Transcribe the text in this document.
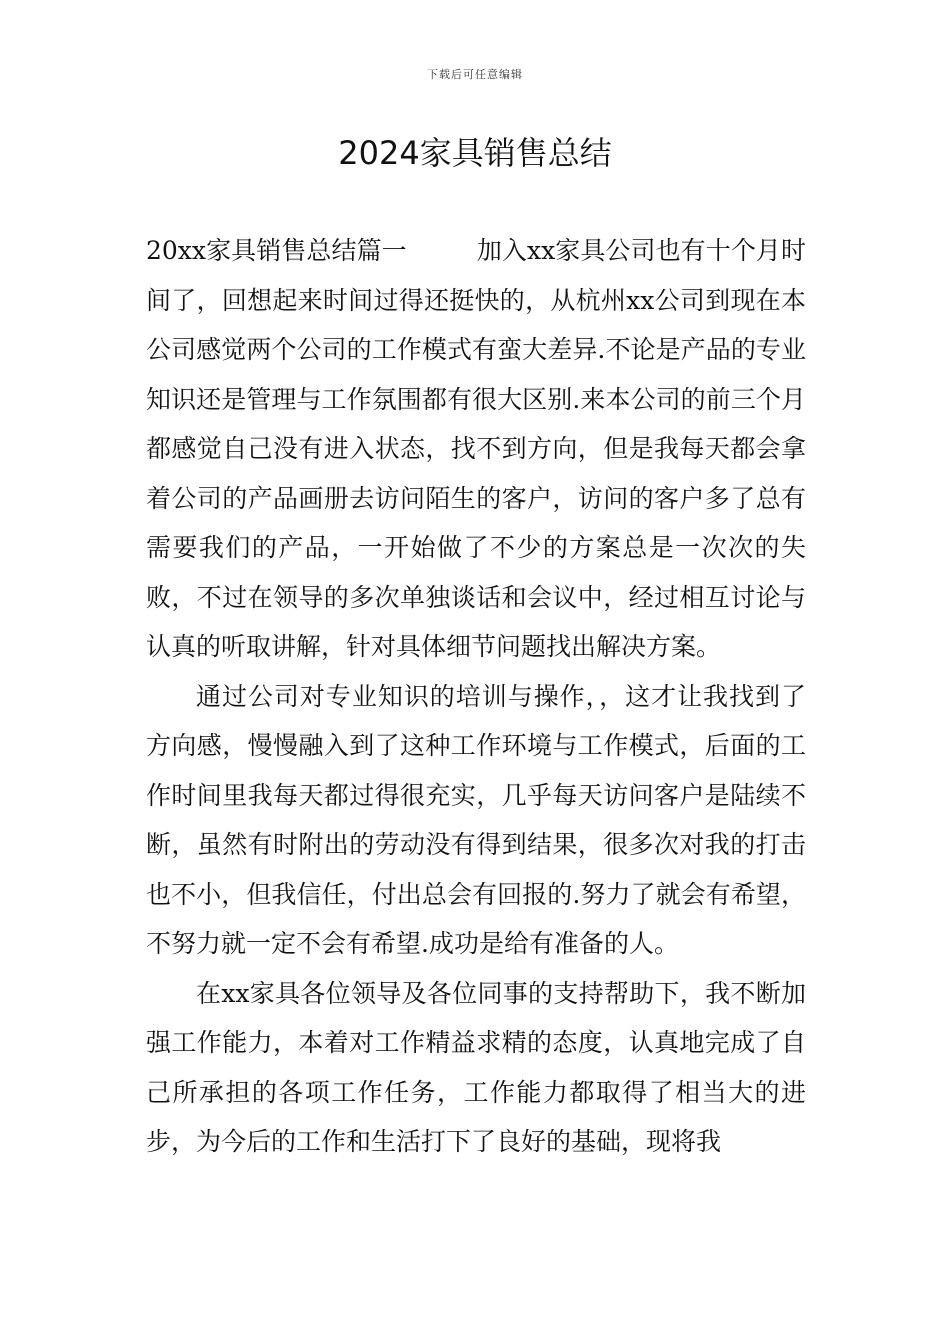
下载后可任意编辑
2024家具销售总结

20xx家具销售总结篇一	加入xx家具公司也有十个月时间了，回想起来时间过得还挺快的，从杭州xx公司到现在本公司感觉两个公司的工作模式有蛮大差异.不论是产品的专业知识还是管理与工作氛围都有很大区别.来本公司的前三个月都感觉自己没有进入状态，找不到方向，但是我每天都会拿着公司的产品画册去访问陌生的客户，访问的客户多了总有需要我们的产品，一开始做了不少的方案总是一次次的失败，不过在领导的多次单独谈话和会议中，经过相互讨论与认真的听取讲解，针对具体细节问题找出解决方案。

通过公司对专业知识的培训与操作，，这才让我找到了方向感，慢慢融入到了这种工作环境与工作模式，后面的工作时间里我每天都过得很充实，几乎每天访问客户是陆续不断，虽然有时附出的劳动没有得到结果，很多次对我的打击也不小，但我信任，付出总会有回报的.努力了就会有希望，不努力就一定不会有希望.成功是给有准备的人。

在xx家具各位领导及各位同事的支持帮助下，我不断加强工作能力，本着对工作精益求精的态度，认真地完成了自己所承担的各项工作任务，工作能力都取得了相当大的进步，为今后的工作和生活打下了良好的基础，现将我
